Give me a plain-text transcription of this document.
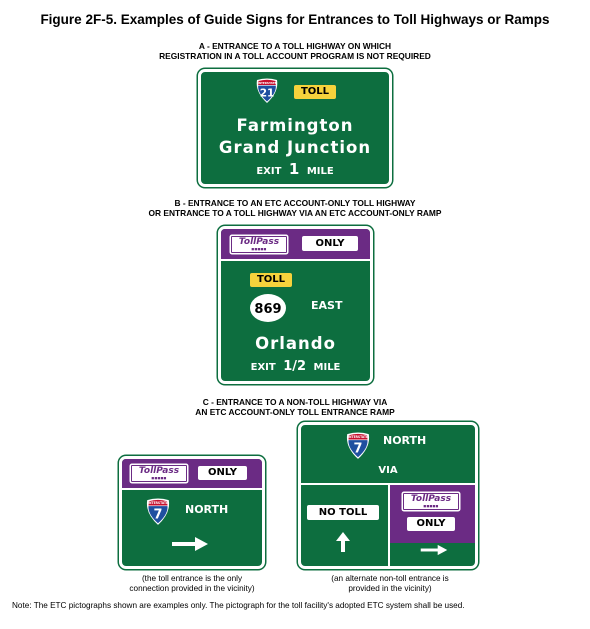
Figure 2F-5. Examples of Guide Signs for Entrances to Toll Highways or Ramps
A - ENTRANCE TO A TOLL HIGHWAY ON WHICH
REGISTRATION IN A TOLL ACCOUNT PROGRAM IS NOT REQUIRED
INTERSTATE
21	TOLL
Farmington
Grand Junction
EXIT 1 MILE
B - ENTRANCE TO AN ETC ACCOUNT-ONLY TOLL HIGHWAY
OR ENTRANCE TO A TOLL HIGHWAY VIA AN ETC ACCOUNT-ONLY RAMP
TollPass
■■■■■	ONLY
TOLL
869	EAST
Orlando
EXIT 1/2 MILE
C - ENTRANCE TO A NON-TOLL HIGHWAY VIA
AN ETC ACCOUNT-ONLY TOLL ENTRANCE RAMP
TollPass
■■■■■	ONLY
INTERSTATE
7 NORTH
INTERSTATE
7
NORTH
VIA
NO TOLL
TollPass
■■■■■
ONLY
(the toll entrance is the only
connection provided in the vicinity)
(an alternate non-toll entrance is
provided in the vicinity)
Note: The ETC pictographs shown are examples only. The pictograph for the toll facility's adopted ETC system shall be used.
